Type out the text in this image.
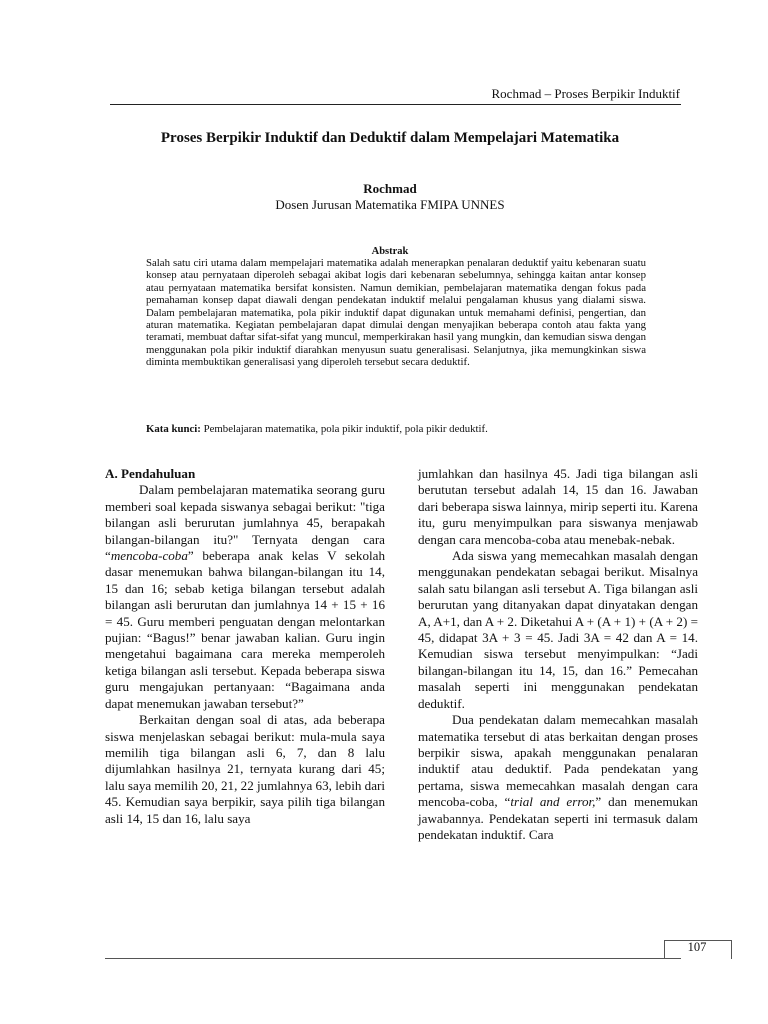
Rochmad – Proses Berpikir Induktif
Proses Berpikir Induktif dan Deduktif dalam Mempelajari Matematika
Rochmad
Dosen Jurusan Matematika FMIPA UNNES
Abstrak
Salah satu ciri utama dalam mempelajari matematika adalah menerapkan penalaran deduktif yaitu kebenaran suatu konsep atau pernyataan diperoleh sebagai akibat logis dari kebenaran sebelumnya, sehingga kaitan antar konsep atau pernyataan matematika bersifat konsisten. Namun demikian, pembelajaran matematika dengan fokus pada pemahaman konsep dapat diawali dengan pendekatan induktif melalui pengalaman khusus yang dialami siswa. Dalam pembelajaran matematika, pola pikir induktif dapat digunakan untuk memahami definisi, pengertian, dan aturan matematika. Kegiatan pembelajaran dapat dimulai dengan menyajikan beberapa contoh atau fakta yang teramati, membuat daftar sifat-sifat yang muncul, memperkirakan hasil yang mungkin, dan kemudian siswa dengan menggunakan pola pikir induktif diarahkan menyusun suatu generalisasi. Selanjutnya, jika memungkinkan siswa diminta membuktikan generalisasi yang diperoleh tersebut secara deduktif.
Kata kunci: Pembelajaran matematika, pola pikir induktif, pola pikir deduktif.

A. Pendahuluan

Dalam pembelajaran matematika seorang guru memberi soal kepada siswanya sebagai berikut: "tiga bilangan asli berurutan jumlahnya 45, berapakah bilangan-bilangan itu?" Ternyata dengan cara “mencoba-coba” beberapa anak kelas V sekolah dasar menemukan bahwa bilangan-bilangan itu 14, 15 dan 16; sebab ketiga bilangan tersebut adalah bilangan asli berurutan dan jumlahnya 14 + 15 + 16 = 45. Guru memberi penguatan dengan melontarkan pujian: “Bagus!” benar jawaban kalian. Guru ingin mengetahui bagaimana cara mereka memperoleh ketiga bilangan asli tersebut. Kepada beberapa siswa guru mengajukan pertanyaan: “Bagaimana anda dapat menemukan jawaban tersebut?”

Berkaitan dengan soal di atas, ada beberapa siswa menjelaskan sebagai berikut: mula-mula saya memilih tiga bilangan asli 6, 7, dan 8 lalu dijumlahkan hasilnya 21, ternyata kurang dari 45; lalu saya memilih 20, 21, 22 jumlahnya 63, lebih dari 45. Kemudian saya berpikir, saya pilih tiga bilangan asli 14, 15 dan 16, lalu saya

jumlahkan dan hasilnya 45. Jadi tiga bilangan asli berututan tersebut adalah 14, 15 dan 16. Jawaban dari beberapa siswa lainnya, mirip seperti itu. Karena itu, guru menyimpulkan para siswanya menjawab dengan cara mencoba-coba atau menebak-nebak.

Ada siswa yang memecahkan masalah dengan menggunakan pendekatan sebagai berikut. Misalnya salah satu bilangan asli tersebut A. Tiga bilangan asli berurutan yang ditanyakan dapat dinyatakan dengan A, A+1, dan A + 2. Diketahui A + (A + 1) + (A + 2) = 45, didapat 3A + 3 = 45. Jadi 3A = 42 dan A = 14. Kemudian siswa tersebut menyimpulkan: “Jadi bilangan-bilangan itu 14, 15, dan 16.” Pemecahan masalah seperti ini menggunakan pendekatan deduktif.

Dua pendekatan dalam memecahkan masalah matematika tersebut di atas berkaitan dengan proses berpikir siswa, apakah menggunakan penalaran induktif atau deduktif. Pada pendekatan yang pertama, siswa memecahkan masalah dengan cara mencoba-coba, “trial and error,” dan menemukan jawabannya. Pendekatan seperti ini termasuk dalam pendekatan induktif. Cara

107
